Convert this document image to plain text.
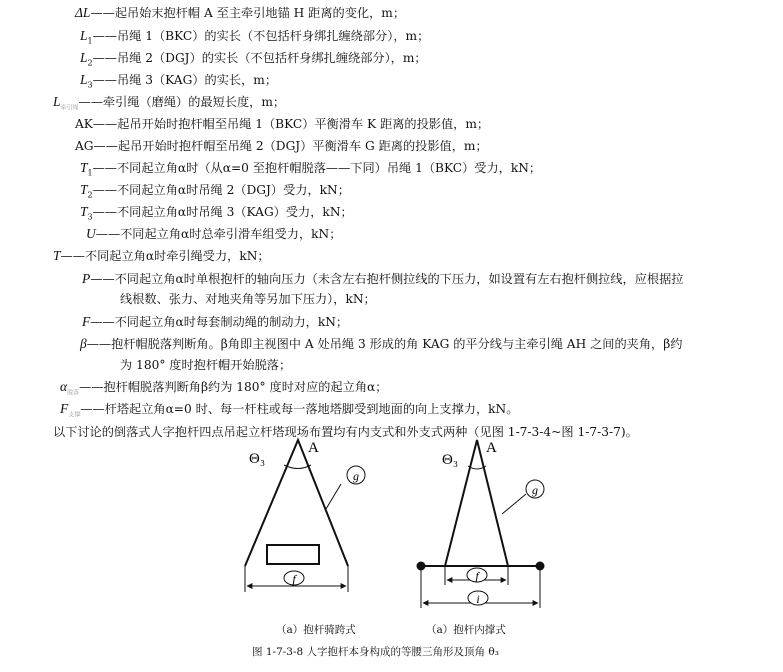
ΔL——起吊始末抱杆帽 A 至主牵引地锚 H 距离的变化，m；
$L_1——$吊绳 1（BKC）的实长（不包括杆身绑扎缠绕部分），m；
$L_2——$吊绳 2（DGJ）的实长（不包括杆身绑扎缠绕部分），m；
$L_3——$吊绳 3（KAG）的实长，m；
$L_{牵引绳}——$牵引绳（磨绳）的最短长度，m；
AK——起吊开始时抱杆帽至吊绳 1（BKC）平衡滑车 K 距离的投影值，m；
AG——起吊开始时抱杆帽至吊绳 2（DGJ）平衡滑车 G 距离的投影值，m；
$T_1——$不同起立角α时（从α=0 至抱杆帽脱落——下同）吊绳 1（BKC）受力，kN；
$T_2——$不同起立角α时吊绳 2（DGJ）受力，kN；
$T_3——$不同起立角α时吊绳 3（KAG）受力，kN；
U——不同起立角α时总牵引滑车组受力，kN；
T——不同起立角α时牵引绳受力，kN；
P——不同起立角α时单根抱杆的轴向压力（未含左右抱杆侧拉线的下压力，如设置有左右抱杆侧拉线，应根据拉
线根数、张力、对地夹角等另加下压力），kN；
F——不同起立角α时每套制动绳的制动力，kN；
β——抱杆帽脱落判断角。β角即主视图中 A 处吊绳 3 形成的角 KAG 的平分线与主牵引绳 AH 之间的夹角，β约
为 180° 度时抱杆帽开始脱落；
$\alpha_{脱落}——$抱杆帽脱落判断角β约为 180° 度时对应的起立角α；
$F_{支撑}——$杆塔起立角α=0 时、每一杆柱或每一落地塔脚受到地面的向上支撑力，kN。
以下讨论的倒落式人字抱杆四点吊起立杆塔现场布置均有内支式和外支式两种（见图 1-7-3-4~图 1-7-3-7)。
g
f
Θ₃
A
g
f
i
Θ₃
A
（a）抱杆骑跨式	（a）抱杆内撑式
图 1-7-3-8 人字抱杆本身构成的等腰三角形及顶角 θ₃
